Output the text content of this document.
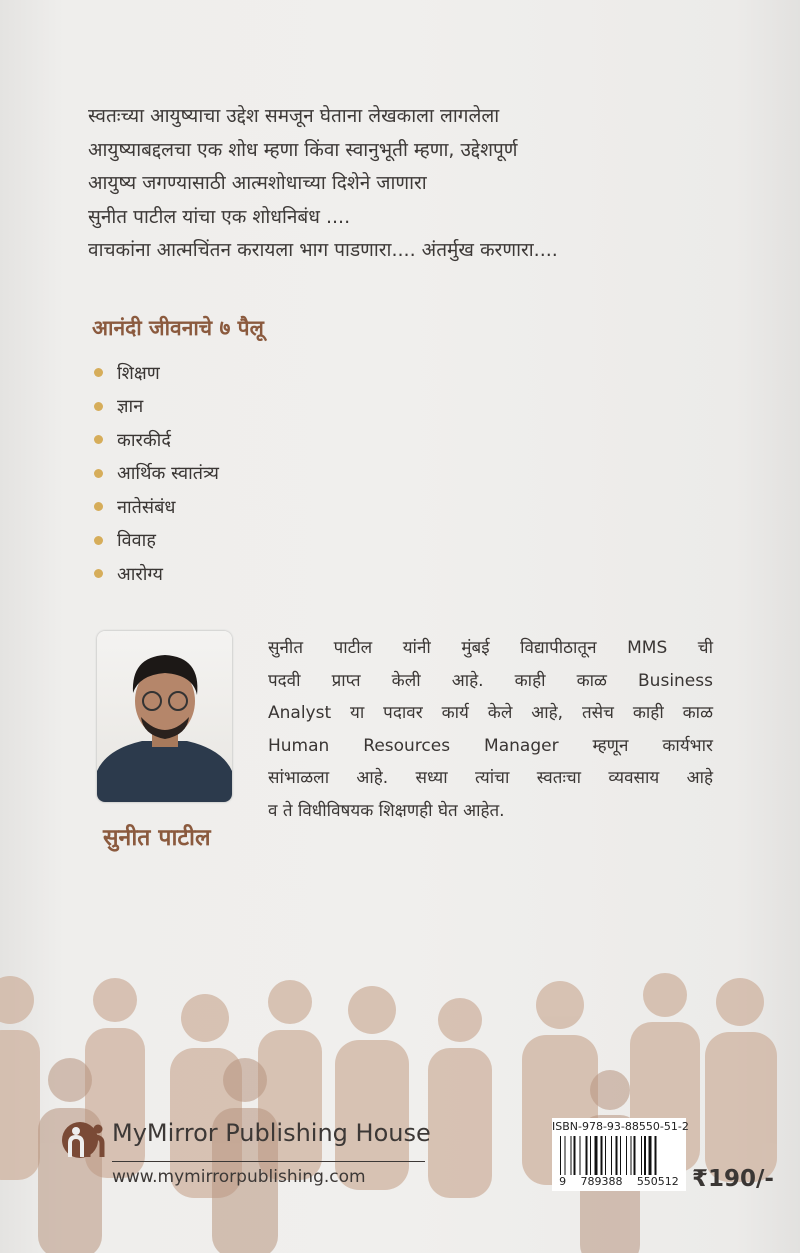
स्वतःच्या आयुष्याचा उद्देश समजून घेताना लेखकाला लागलेला
आयुष्याबद्दलचा एक शोध म्हणा किंवा स्वानुभूती म्हणा, उद्देशपूर्ण
आयुष्य जगण्यासाठी आत्मशोधाच्या दिशेने जाणारा
सुनीत पाटील यांचा एक शोधनिबंध ....
वाचकांना आत्मचिंतन करायला भाग पाडणारा.... अंतर्मुख करणारा....
आनंदी जीवनाचे ७ पैलू
शिक्षण
ज्ञान
कारकीर्द
आर्थिक स्वातंत्र्य
नातेसंबंध
विवाह
आरोग्य
सुनीत पाटील
सुनीत पाटील यांनी मुंबई विद्यापीठातून MMS ची
पदवी प्राप्त केली आहे. काही काळ Business
Analyst या पदावर कार्य केले आहे, तसेच काही काळ
Human Resources Manager म्हणून कार्यभार
सांभाळला आहे. सध्या त्यांचा स्वतःचा व्यवसाय आहे
व ते विधीविषयक शिक्षणही घेत आहेत.
MyMirror Publishing House
www.mymirrorpublishing.com
ISBN-978-93-88550-51-2
9 789388 550512 ₹190/-
